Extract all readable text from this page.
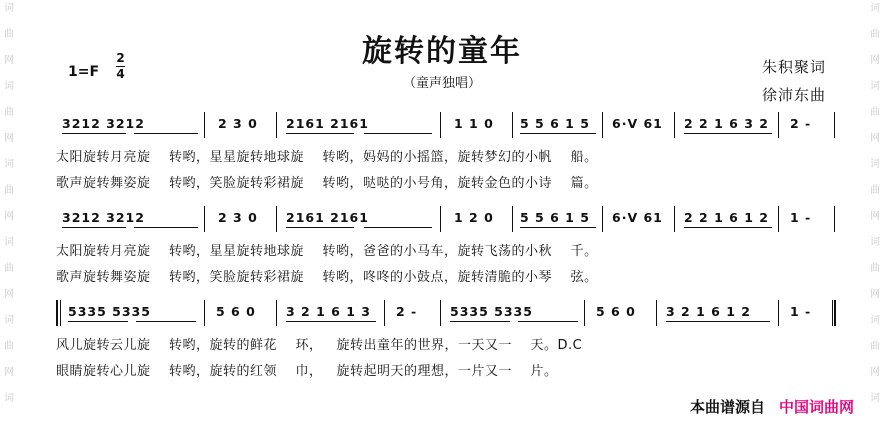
词
曲
网
词
曲
网
词
曲
网
词
曲
网
词
曲
网
词
词
曲
网
词
曲
网
词
曲
网
词
曲
网
词
曲
网
词
旋转的童年
（童声独唱）
1=F
2
4	朱积聚词
徐沛东曲
3212 3212	2 3 0 2161 2161	1 1 0 5 5 6 1 5 6·V 61 2 2 1 6 3 2 2 -
太阳旋转月亮旋    转哟，星星旋转地球旋    转哟，妈妈的小摇篮，旋转梦幻的小帆    船。
歌声旋转舞姿旋    转哟，笑脸旋转彩裙旋    转哟，哒哒的小号角，旋转金色的小诗    篇。
3212 3212	2 3 0 2161 2161	1 2 0 5 5 6 1 5 6·V 61 2 2 1 6 1 2 1 -
太阳旋转月亮旋    转哟，星星旋转地球旋    转哟，爸爸的小马车，旋转飞荡的小秋    千。
歌声旋转舞姿旋    转哟，笑脸旋转彩裙旋    转哟，咚咚的小鼓点，旋转清脆的小琴    弦。
5335 5335	5 6 0 3 2 1 6 1 3 2 -	5335 5335	5 6 0 3 2 1 6 1 2	1 -
风儿旋转云儿旋    转哟，旋转的鲜花    环，   旋转出童年的世界，一天又一    天。D.C
眼睛旋转心儿旋    转哟，旋转的红领    巾，   旋转起明天的理想，一片又一    片。
本曲谱源自 中国词曲网
